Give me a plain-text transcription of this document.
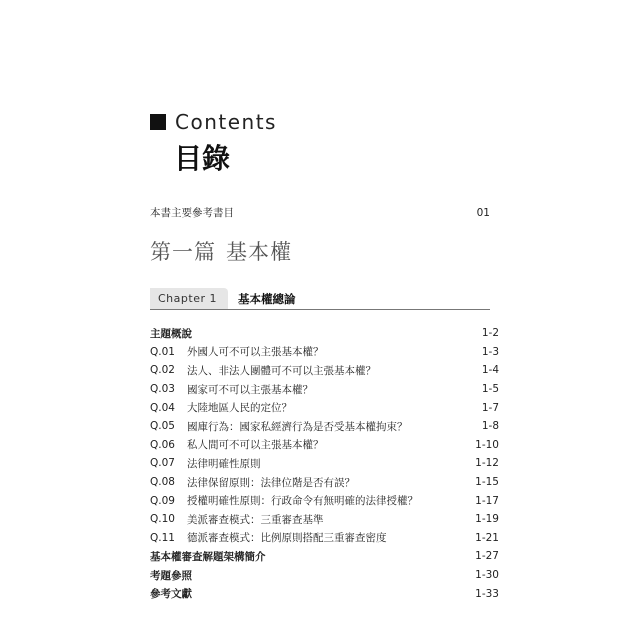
Contents
目錄
本書主要參考書目	01
第一篇 基本權
Chapter 1	基本權總論
主題概說	1-2
Q.01	外國人可不可以主張基本權？	1-3
Q.02	法人、非法人團體可不可以主張基本權？	1-4
Q.03	國家可不可以主張基本權？	1-5
Q.04	大陸地區人民的定位？	1-7
Q.05	國庫行為：國家私經濟行為是否受基本權拘束？	1-8
Q.06	私人間可不可以主張基本權？	1-10
Q.07	法律明確性原則	1-12
Q.08	法律保留原則：法律位階是否有誤？	1-15
Q.09	授權明確性原則：行政命令有無明確的法律授權？	1-17
Q.10	美派審查模式：三重審查基準	1-19
Q.11	德派審查模式：比例原則搭配三重審查密度	1-21
基本權審查解題架構簡介	1-27
考題參照	1-30
參考文獻	1-33
